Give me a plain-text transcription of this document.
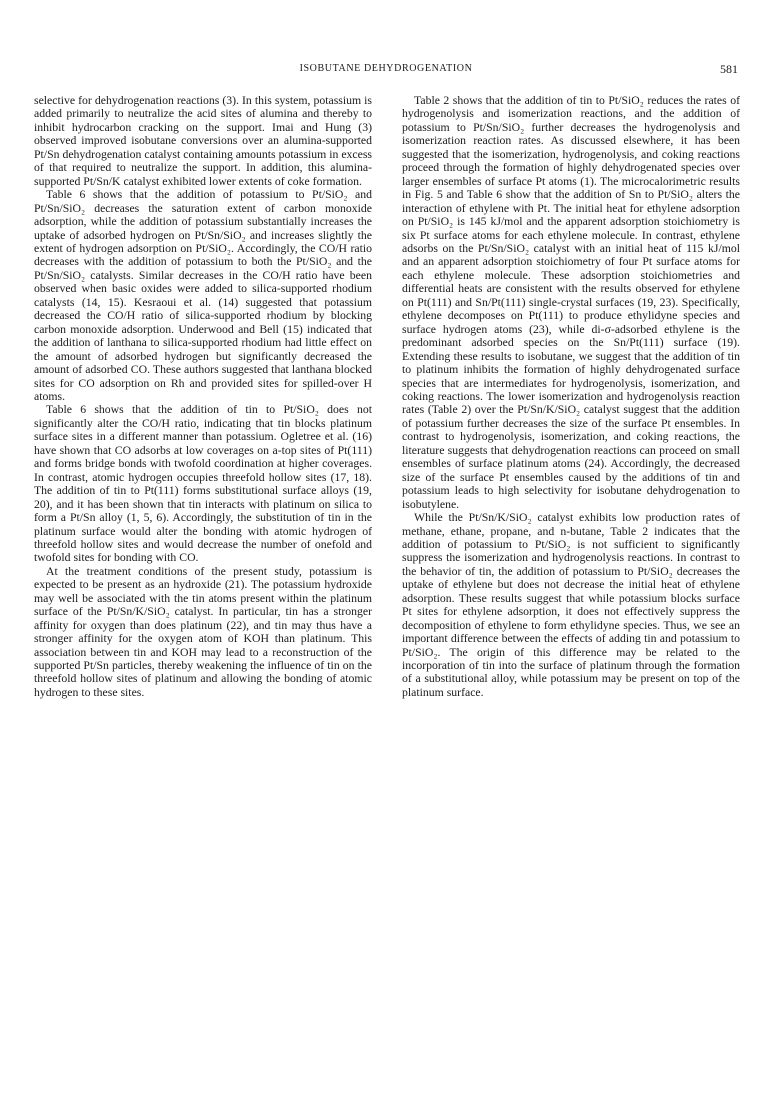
ISOBUTANE DEHYDROGENATION	581

selective for dehydrogenation reactions (3). In this system, potassium is added primarily to neutralize the acid sites of alumina and thereby to inhibit hydrocarbon cracking on the support. Imai and Hung (3) observed improved isobutane conversions over an alumina-supported Pt/Sn dehydrogenation catalyst containing amounts potassium in excess of that required to neutralize the support. In addition, this alumina-supported Pt/Sn/K catalyst exhibited lower extents of coke formation.

Table 6 shows that the addition of potassium to Pt/SiO₂ and Pt/Sn/SiO₂ decreases the saturation extent of carbon monoxide adsorption, while the addition of potassium substantially increases the uptake of adsorbed hydrogen on Pt/Sn/SiO₂ and increases slightly the extent of hydrogen adsorption on Pt/SiO₂. Accordingly, the CO/H ratio decreases with the addition of potassium to both the Pt/SiO₂ and the Pt/Sn/SiO₂ catalysts. Similar decreases in the CO/H ratio have been observed when basic oxides were added to silica-supported rhodium catalysts (14, 15). Kesraoui et al. (14) suggested that potassium decreased the CO/H ratio of silica-supported rhodium by blocking carbon monoxide adsorption. Underwood and Bell (15) indicated that the addition of lanthana to silica-supported rhodium had little effect on the amount of adsorbed hydrogen but significantly decreased the amount of adsorbed CO. These authors suggested that lanthana blocked sites for CO adsorption on Rh and provided sites for spilled-over H atoms.

Table 6 shows that the addition of tin to Pt/SiO₂ does not significantly alter the CO/H ratio, indicating that tin blocks platinum surface sites in a different manner than potassium. Ogletree et al. (16) have shown that CO adsorbs at low coverages on a-top sites of Pt(111) and forms bridge bonds with twofold coordination at higher coverages. In contrast, atomic hydrogen occupies threefold hollow sites (17, 18). The addition of tin to Pt(111) forms substitutional surface alloys (19, 20), and it has been shown that tin interacts with platinum on silica to form a Pt/Sn alloy (1, 5, 6). Accordingly, the substitution of tin in the platinum surface would alter the bonding with atomic hydrogen of threefold hollow sites and would decrease the number of onefold and twofold sites for bonding with CO.

At the treatment conditions of the present study, potassium is expected to be present as an hydroxide (21). The potassium hydroxide may well be associated with the tin atoms present within the platinum surface of the Pt/Sn/K/SiO₂ catalyst. In particular, tin has a stronger affinity for oxygen than does platinum (22), and tin may thus have a stronger affinity for the oxygen atom of KOH than platinum. This association between tin and KOH may lead to a reconstruction of the supported Pt/Sn particles, thereby weakening the influence of tin on the threefold hollow sites of platinum and allowing the bonding of atomic hydrogen to these sites.

Table 2 shows that the addition of tin to Pt/SiO₂ reduces the rates of hydrogenolysis and isomerization reactions, and the addition of potassium to Pt/Sn/SiO₂ further decreases the hydrogenolysis and isomerization reaction rates. As discussed elsewhere, it has been suggested that the isomerization, hydrogenolysis, and coking reactions proceed through the formation of highly dehydrogenated species over larger ensembles of surface Pt atoms (1). The microcalorimetric results in Fig. 5 and Table 6 show that the addition of Sn to Pt/SiO₂ alters the interaction of ethylene with Pt. The initial heat for ethylene adsorption on Pt/SiO₂ is 145 kJ/mol and the apparent adsorption stoichiometry is six Pt surface atoms for each ethylene molecule. In contrast, ethylene adsorbs on the Pt/Sn/SiO₂ catalyst with an initial heat of 115 kJ/mol and an apparent adsorption stoichiometry of four Pt surface atoms for each ethylene molecule. These adsorption stoichiometries and differential heats are consistent with the results observed for ethylene on Pt(111) and Sn/Pt(111) single-crystal surfaces (19, 23). Specifically, ethylene decomposes on Pt(111) to produce ethylidyne species and surface hydrogen atoms (23), while di-σ-adsorbed ethylene is the predominant adsorbed species on the Sn/Pt(111) surface (19). Extending these results to isobutane, we suggest that the addition of tin to platinum inhibits the formation of highly dehydrogenated surface species that are intermediates for hydrogenolysis, isomerization, and coking reactions. The lower isomerization and hydrogenolysis reaction rates (Table 2) over the Pt/Sn/K/SiO₂ catalyst suggest that the addition of potassium further decreases the size of the surface Pt ensembles. In contrast to hydrogenolysis, isomerization, and coking reactions, the literature suggests that dehydrogenation reactions can proceed on small ensembles of surface platinum atoms (24). Accordingly, the decreased size of the surface Pt ensembles caused by the additions of tin and potassium leads to high selectivity for isobutane dehydrogenation to isobutylene.

While the Pt/Sn/K/SiO₂ catalyst exhibits low production rates of methane, ethane, propane, and n-butane, Table 2 indicates that the addition of potassium to Pt/SiO₂ is not sufficient to significantly suppress the isomerization and hydrogenolysis reactions. In contrast to the behavior of tin, the addition of potassium to Pt/SiO₂ decreases the uptake of ethylene but does not decrease the initial heat of ethylene adsorption. These results suggest that while potassium blocks surface Pt sites for ethylene adsorption, it does not effectively suppress the decomposition of ethylene to form ethylidyne species. Thus, we see an important difference between the effects of adding tin and potassium to Pt/SiO₂. The origin of this difference may be related to the incorporation of tin into the surface of platinum through the formation of a substitutional alloy, while potassium may be present on top of the platinum surface.
